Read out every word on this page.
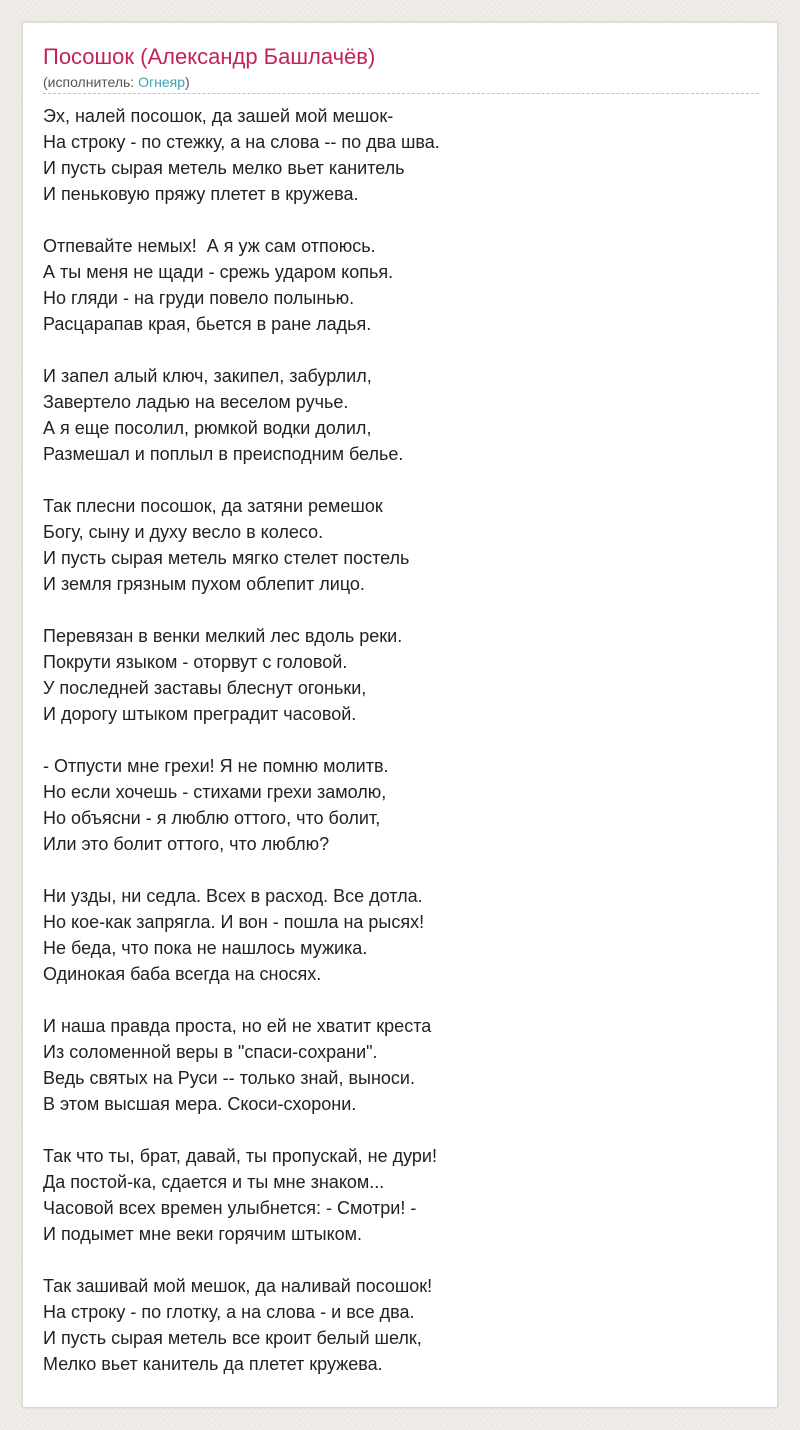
Посошок (Александр Башлачёв)
(исполнитель: Огнеяр)
Эх, налей посошок, да зашей мой мешок-
На строку - по стежку, а на слова -- по два шва.
И пусть сырая метель мелко вьет канитель
И пеньковую пряжу плетет в кружева.
Отпевайте немых!  А я уж сам отпоюсь.
А ты меня не щади - срежь ударом копья.
Но гляди - на груди повело полынью.
Расцарапав края, бьется в ране ладья.
И запел алый ключ, закипел, забурлил,
Завертело ладью на веселом ручье.
А я еще посолил, рюмкой водки долил,
Размешал и поплыл в преисподним белье.
Так плесни посошок, да затяни ремешок
Богу, сыну и духу весло в колесо.
И пусть сырая метель мягко стелет постель
И земля грязным пухом облепит лицо.
Перевязан в венки мелкий лес вдоль реки.
Покрути языком - оторвут с головой.
У последней заставы блеснут огоньки,
И дорогу штыком преградит часовой.
- Отпусти мне грехи! Я не помню молитв.
Но если хочешь - стихами грехи замолю,
Но объясни - я люблю оттого, что болит,
Или это болит оттого, что люблю?
Ни узды, ни седла. Всех в расход. Все дотла.
Но кое-как запрягла. И вон - пошла на рысях!
Не беда, что пока не нашлось мужика.
Одинокая баба всегда на сносях.
И наша правда проста, но ей не хватит креста
Из соломенной веры в "спаси-сохрани".
Ведь святых на Руси -- только знай, выноси.
В этом высшая мера. Скоси-схорони.
Так что ты, брат, давай, ты пропускай, не дури!
Да постой-ка, сдается и ты мне знаком...
Часовой всех времен улыбнется: - Смотри! -
И подымет мне веки горячим штыком.
Так зашивай мой мешок, да наливай посошок!
На строку - по глотку, а на слова - и все два.
И пусть сырая метель все кроит белый шелк,
Мелко вьет канитель да плетет кружева.
